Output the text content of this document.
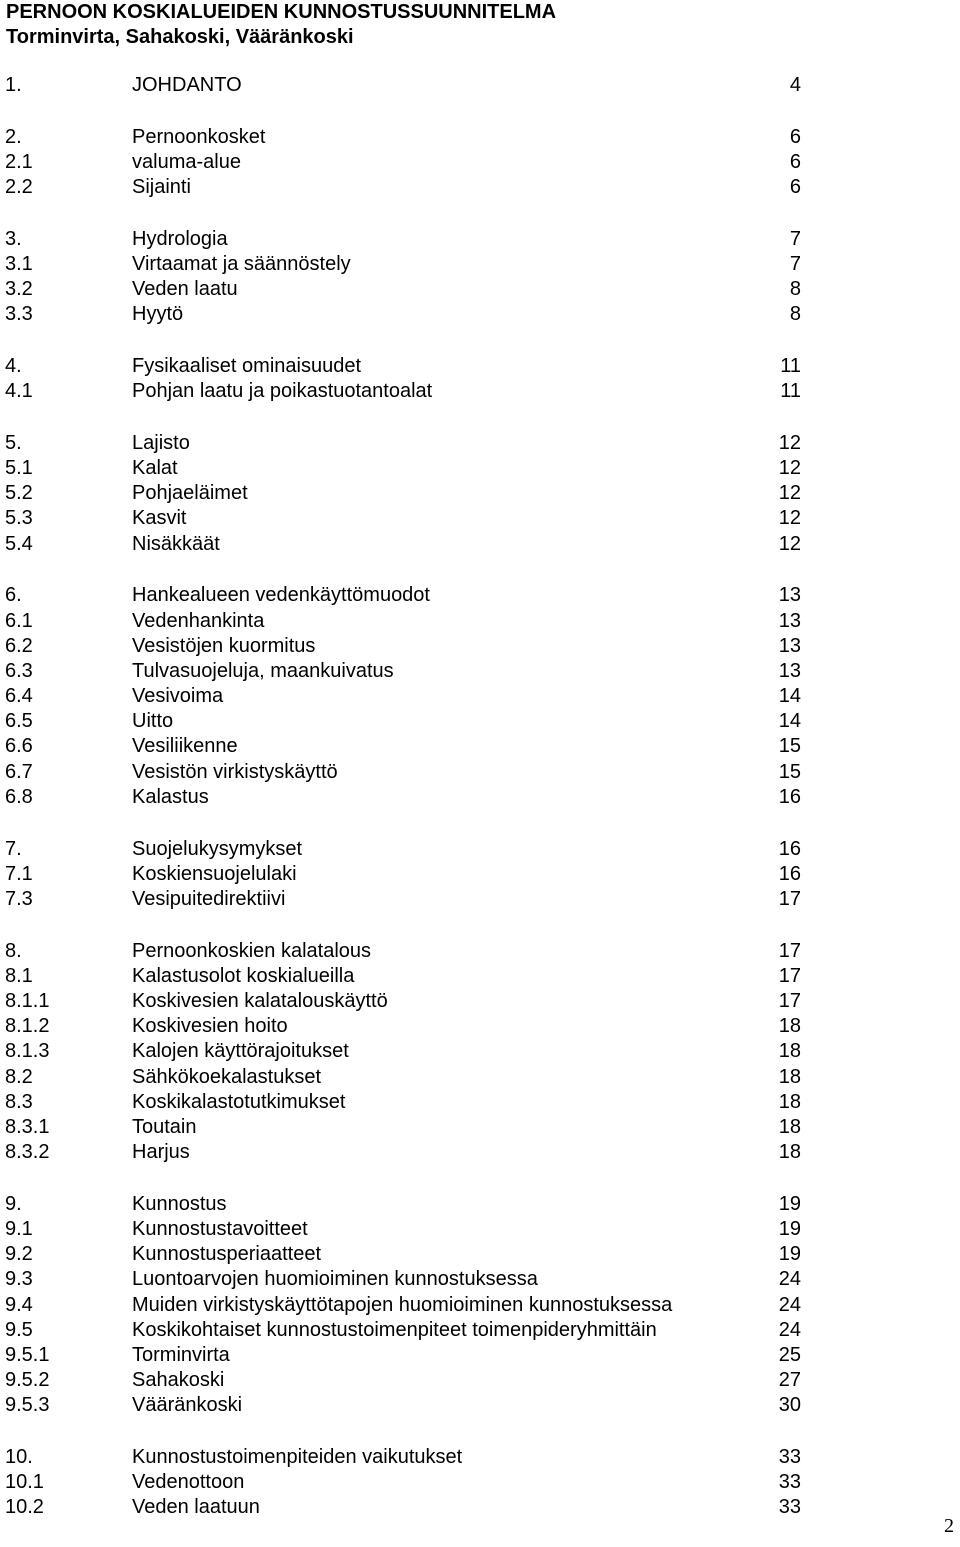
PERNOON KOSKIALUEIDEN KUNNOSTUSSUUNNITELMA
Torminvirta, Sahakoski, Vääränkoski
1.	JOHDANTO	4
2.	Pernoonkosket	6
2.1	valuma-alue	6
2.2	Sijainti	6
3.	Hydrologia	7
3.1	Virtaamat ja säännöstely	7
3.2	Veden laatu	8
3.3	Hyytö	8
4.	Fysikaaliset ominaisuudet	11
4.1	Pohjan laatu ja poikastuotantoalat	11
5.	Lajisto	12
5.1	Kalat	12
5.2	Pohjaeläimet	12
5.3	Kasvit	12
5.4	Nisäkkäät	12
6.	Hankealueen vedenkäyttömuodot	13
6.1	Vedenhankinta	13
6.2	Vesistöjen kuormitus	13
6.3	Tulvasuojeluja, maankuivatus	13
6.4	Vesivoima	14
6.5	Uitto	14
6.6	Vesiliikenne	15
6.7	Vesistön virkistyskäyttö	15
6.8	Kalastus	16
7.	Suojelukysymykset	16
7.1	Koskiensuojelulaki	16
7.3	Vesipuitedirektiivi	17
8.	Pernoonkoskien kalatalous	17
8.1	Kalastusolot koskialueilla	17
8.1.1	Koskivesien kalatalouskäyttö	17
8.1.2	Koskivesien hoito	18
8.1.3	Kalojen käyttörajoitukset	18
8.2	Sähkökoekalastukset	18
8.3	Koskikalastotutkimukset	18
8.3.1	Toutain	18
8.3.2	Harjus	18
9.	Kunnostus	19
9.1	Kunnostustavoitteet	19
9.2	Kunnostusperiaatteet	19
9.3	Luontoarvojen huomioiminen kunnostuksessa	24
9.4	Muiden virkistyskäyttötapojen huomioiminen kunnostuksessa	24
9.5	Koskikohtaiset kunnostustoimenpiteet toimenpideryhmittäin	24
9.5.1	Torminvirta	25
9.5.2	Sahakoski	27
9.5.3	Vääränkoski	30
10.	Kunnostustoimenpiteiden vaikutukset	33
10.1	Vedenottoon	33
10.2	Veden laatuun	33
2
